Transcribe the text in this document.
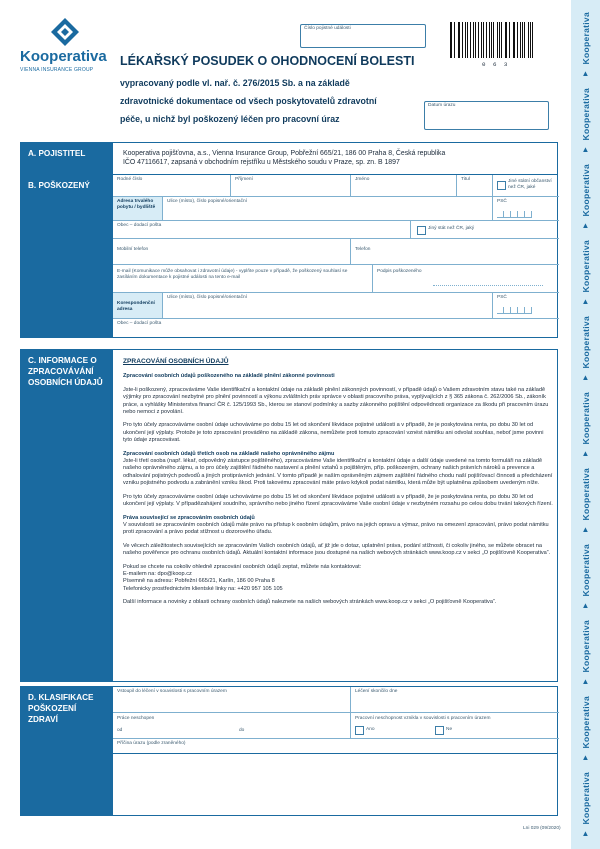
Kooperativa
▲
Kooperativa
▲
Kooperativa
▲
Kooperativa
▲
Kooperativa
▲
Kooperativa
▲
Kooperativa
▲
Kooperativa
▲
Kooperativa
▲
Kooperativa
▲
Kooperativa
▲
Kooperativa
VIENNA INSURANCE GROUP
LÉKAŘSKÝ POSUDEK O OHODNOCENÍ BOLESTI
vypracovaný podle vl. nař. č. 276/2015 Sb. a na základě
zdravotnické dokumentace od všech poskytovatelů zdravotní
péče, u nichž byl poškozený léčen pro pracovní úraz
Číslo pojistné události
0 6 3
Datum úrazu
A. POJISTITEL	Kooperativa pojišťovna, a.s., Vienna Insurance Group, Pobřežní 665/21, 186 00 Praha 8, Česká republika
IČO 47116617, zapsaná v obchodním rejstříku u Městského soudu v Praze, sp. zn. B 1897
B. POŠKOZENÝ
Rodné číslo	Příjmení	Jméno	Titul	Jiné státní občanství než ČR, jaké
Adresa trvalého pobytu / bydliště
Ulice (místo), číslo popisné/orientační	PSČ
Obec – dodací pošta
Jiný stát než ČR, jaký
Mobilní telefon	Telefon
E-mail (Komunikace může obsahovat i zdravotní údaje) - vyplňte pouze v případě, že poškozený souhlasí se zasíláním dokumentace k pojistné události na tento e-mail
Podpis poškozeného
Korespondenční adresa
Ulice (místo), číslo popisné/orientační	PSČ
Obec – dodací pošta
C. INFORMACE O ZPRACOVÁVÁNÍ OSOBNÍCH ÚDAJŮ
ZPRACOVÁNÍ OSOBNÍCH ÚDAJŮ
Zpracování osobních údajů poškozeného na základě plnění zákonné povinnosti

Jste-li poškozený, zpracováváme Vaše identifikační a kontaktní údaje na základě plnění zákonných povinností, v případě údajů o Vašem zdravotním stavu také na základě výjimky pro zpracování nezbytné pro plnění povinností a výkonu zvláštních práv správce v oblasti pracovního práva, vyplývajících z § 365 zákona č. 262/2006 Sb., zákoník práce, a vyhlášky Ministerstva financí ČR č. 125/1993 Sb., kterou se stanoví podmínky a sazby zákonného pojištění odpovědnosti organizace za škodu při pracovním úrazu nebo nemoci z povolání.

Pro tyto účely zpracováváme osobní údaje uchováváme po dobu 15 let od skončení likvidace pojistné události a v případě, že je poskytována renta, po dobu 30 let od ukončení její výplaty. Protože je toto zpracování prováděno na základě zákona, nemůžete proti tomuto zpracování vznést námitku ani odvolat souhlas, neboť jsme povinni tyto údaje zpracovávat.

Zpracování osobních údajů třetích osob na základě našeho oprávněného zájmu

Jste-li třetí osoba (např. lékař, odpovědný zástupce pojištěného), zpracováváme Vaše identifikační a kontaktní údaje a další údaje uvedené na tomto formuláři na základě našeho oprávněného zájmu, a to pro účely zajištění řádného nastavení a plnění vztahů s pojištěným, příp. poškozeným, ochrany našich právních nároků a prevence a odhalování pojistných podvodů a jiných protiprávních jednání. V tomto případě je naším oprávněným zájmem zajištění řádného chodu naší pojišťovací činnosti a předcházení vzniku pojistného podvodu a zabránění vzniku škod. Proti takovému zpracování máte právo kdykoli podat námitku, která může být uplatněna způsobem uvedeným níže.

Pro tyto účely zpracováváme osobní údaje uchováváme po dobu 15 let od skončení likvidace pojistné události a v případě, že je poskytována renta, po dobu 30 let od ukončení její výplaty. V případězahájení soudního, správního nebo jiného řízení zpracováváme Vaše osobní údaje v nezbytném rozsahu po celou dobu trvání takových řízení.

Práva související se zpracováním osobních údajů

V souvislosti se zpracováním osobních údajů máte právo na přístup k osobním údajům, právo na jejich opravu a výmaz, právo na omezení zpracování, právo podat námitku proti zpracování a právo podat stížnost u dozorového úřadu.

Ve věcech záležitostech souvisejících se zpracováním Vašich osobních údajů, ať již jde o dotaz, uplatnění práva, podání stížnosti, či cokoliv jiného, se můžete obracet na našeho pověřence pro ochranu osobních údajů. Aktuální kontaktní informace jsou dostupné na našich webových stránkách www.koop.cz v sekci „O pojišťovně Kooperativa“.

Pokud se chcete na cokoliv ohledně zpracování osobních údajů zeptat, můžete nás kontaktovat:
E-mailem na: dpo@koop.cz
Písemně na adresu: Pobřežní 665/21, Karlín, 186 00 Praha 8
Telefonicky prostřednictvím klientské linky na: +420 957 105 105

Další informace a novinky z oblasti ochrany osobních údajů naleznete na našich webových stránkách www.koop.cz v sekci „O pojišťovně Kooperativa“.

D. KLASIFIKACE POŠKOZENÍ ZDRAVÍ
Vstoupil do léčení v souvislosti s pracovním úrazem	Léčení skončilo dne
Práce neschopen
od	do
Pracovní neschopnost vznikla v souvislosti s pracovním úrazem
Ano	Ne
Příčina úrazu (podle zraněného)
Lni 029 (09/2020)
